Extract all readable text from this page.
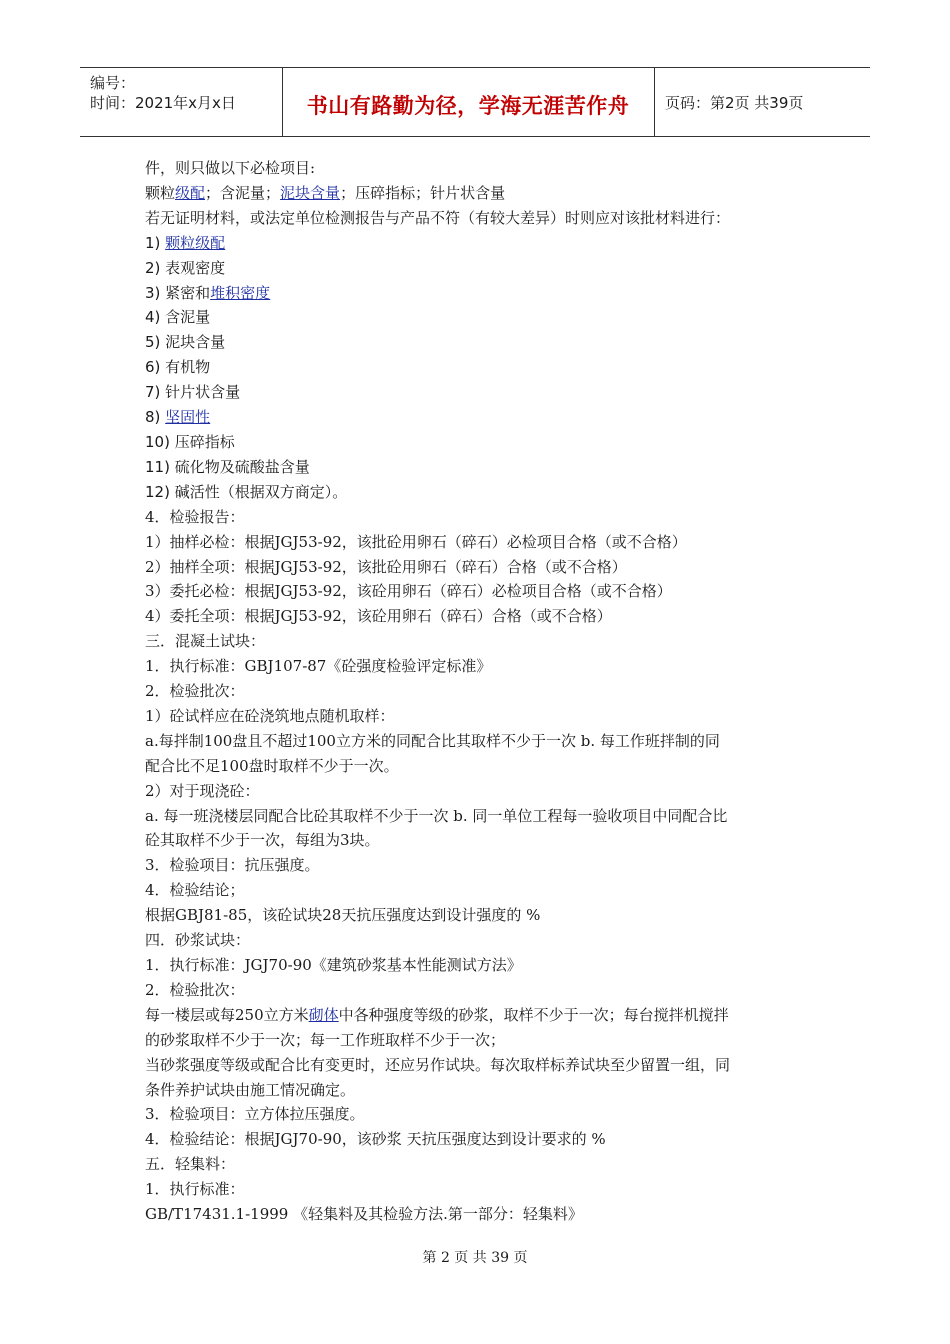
编号：
时间：2021年x月x日	书山有路勤为径，学海无涯苦作舟	页码：第2页 共39页

件，则只做以下必检项目:

颗粒级配；含泥量；泥块含量；压碎指标；针片状含量

若无证明材料，或法定单位检测报告与产品不符（有较大差异）时则应对该批材料进行：

1) 颗粒级配

2) 表观密度

3) 紧密和堆积密度

4) 含泥量

5) 泥块含量

6) 有机物

7) 针片状含量

8) 坚固性

10) 压碎指标

11) 硫化物及硫酸盐含量

12) 碱活性（根据双方商定）。

4．检验报告：

1）抽样必检：根据JGJ53-92，该批砼用卵石（碎石）必检项目合格（或不合格）

2）抽样全项：根据JGJ53-92，该批砼用卵石（碎石）合格（或不合格）

3）委托必检：根据JGJ53-92，该砼用卵石（碎石）必检项目合格（或不合格）

4）委托全项：根据JGJ53-92，该砼用卵石（碎石）合格（或不合格）

三．混凝土试块：

1．执行标准：GBJ107-87《砼强度检验评定标准》

2．检验批次：

1）砼试样应在砼浇筑地点随机取样：

a.每拌制100盘且不超过100立方米的同配合比其取样不少于一次 b. 每工作班拌制的同

配合比不足100盘时取样不少于一次。

2）对于现浇砼：

a. 每一班浇楼层同配合比砼其取样不少于一次 b. 同一单位工程每一验收项目中同配合比

砼其取样不少于一次，每组为3块。

3．检验项目：抗压强度。

4．检验结论；

根据GBJ81-85，该砼试块28天抗压强度达到设计强度的 %

四．砂浆试块：

1．执行标准：JGJ70-90《建筑砂浆基本性能测试方法》

2．检验批次：

每一楼层或每250立方米砌体中各种强度等级的砂浆，取样不少于一次；每台搅拌机搅拌

的砂浆取样不少于一次；每一工作班取样不少于一次；

当砂浆强度等级或配合比有变更时，还应另作试块。每次取样标养试块至少留置一组，同

条件养护试块由施工情况确定。

3．检验项目：立方体拉压强度。

4．检验结论：根据JGJ70-90，该砂浆 天抗压强度达到设计要求的 %

五．轻集料：

1．执行标准：

GB/T17431.1-1999 《轻集料及其检验方法.第一部分：轻集料》

第 2 页 共 39 页
